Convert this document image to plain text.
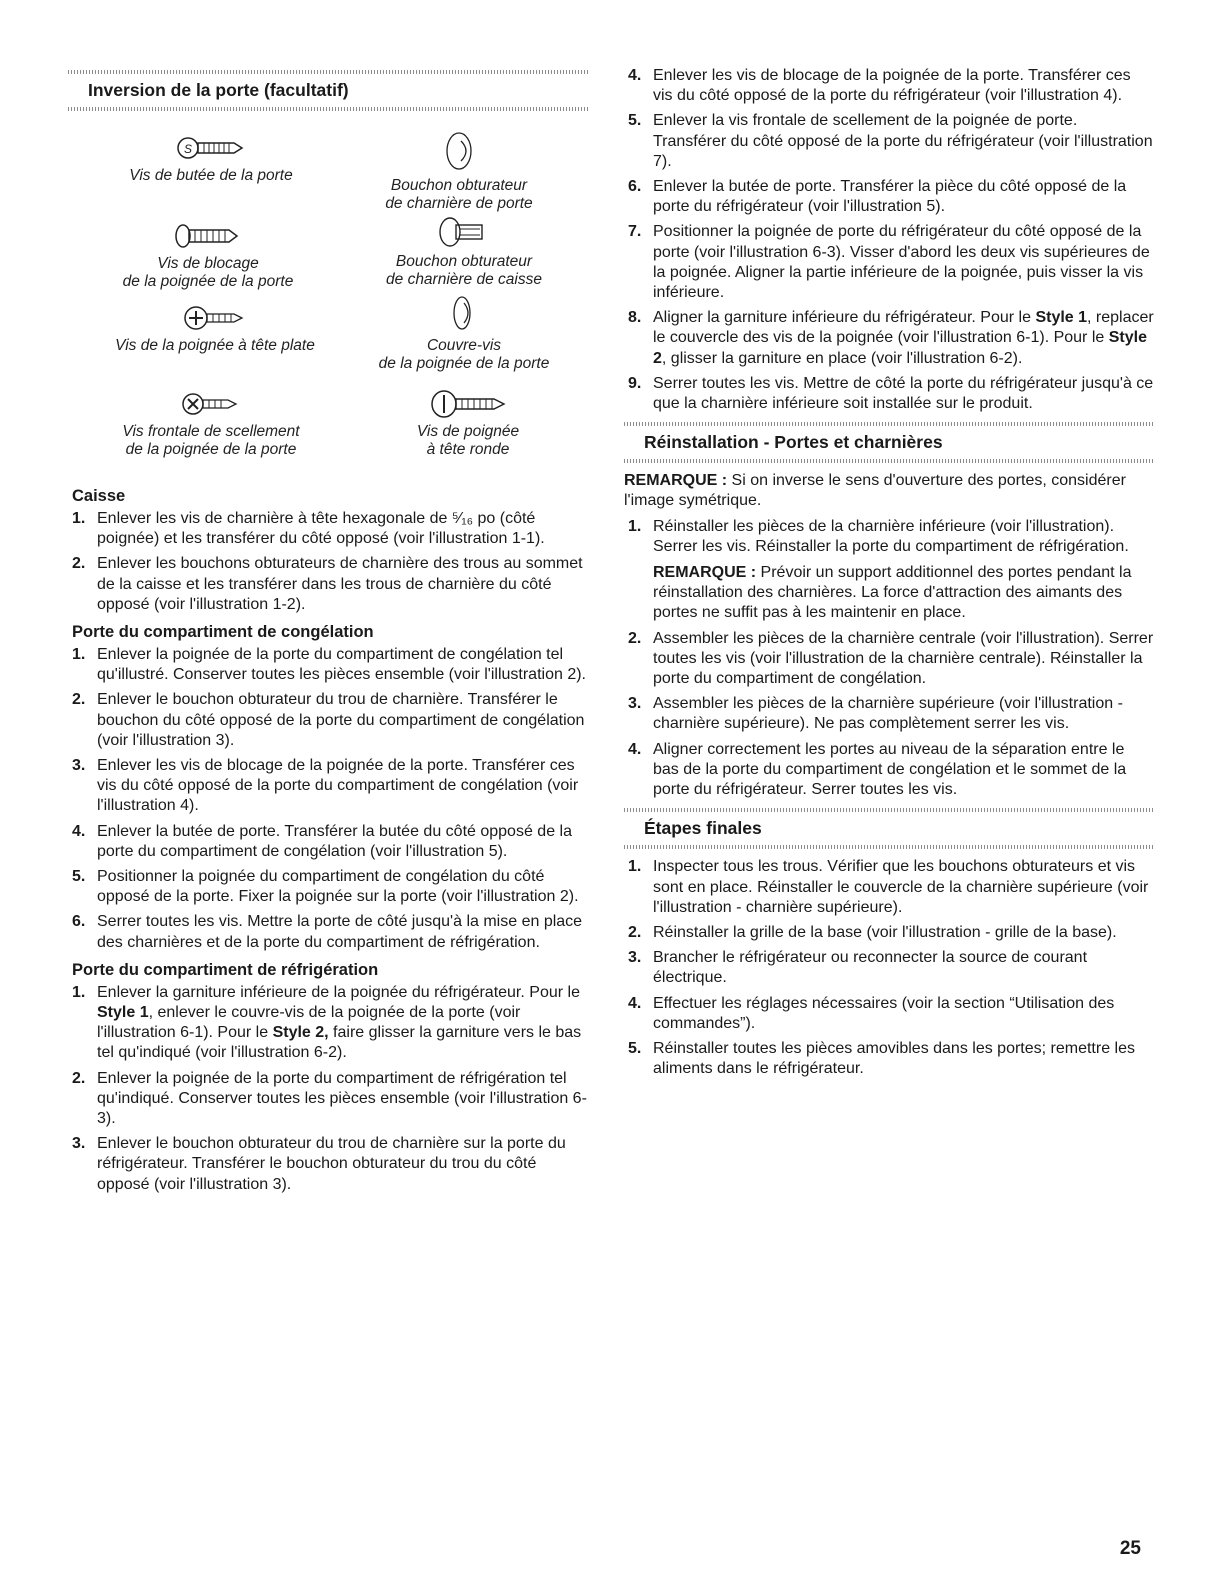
Inversion de la porte (facultatif)
S
Vis de butée de la porte
Bouchon obturateur
de charnière de porte
Vis de blocage
de la poignée de la porte
Bouchon obturateur
de charnière de caisse
Vis de la poignée à tête plate	Couvre-vis
de la poignée de la porte
Vis frontale de scellement
de la poignée de la porte
Vis de poignée
à tête ronde
Caisse
1. Enlever les vis de charnière à tête hexagonale de ⁵⁄₁₆ po (côté poignée) et les transférer du côté opposé (voir l'illustration 1-1).
2. Enlever les bouchons obturateurs de charnière des trous au sommet de la caisse et les transférer dans les trous de charnière du côté opposé (voir l'illustration 1-2).
Porte du compartiment de congélation
1. Enlever la poignée de la porte du compartiment de congélation tel qu'illustré. Conserver toutes les pièces ensemble (voir l'illustration 2).
2. Enlever le bouchon obturateur du trou de charnière. Transférer le bouchon du côté opposé de la porte du compartiment de congélation (voir l'illustration 3).
3. Enlever les vis de blocage de la poignée de la porte. Transférer ces vis du côté opposé de la porte du compartiment de congélation (voir l'illustration 4).
4. Enlever la butée de porte. Transférer la butée du côté opposé de la porte du compartiment de congélation (voir l'illustration 5).
5. Positionner la poignée du compartiment de congélation du côté opposé de la porte. Fixer la poignée sur la porte (voir l'illustration 2).
6. Serrer toutes les vis. Mettre la porte de côté jusqu'à la mise en place des charnières et de la porte du compartiment de réfrigération.
Porte du compartiment de réfrigération
1. Enlever la garniture inférieure de la poignée du réfrigérateur. Pour le Style 1, enlever le couvre-vis de la poignée de la porte (voir l'illustration 6-1). Pour le Style 2, faire glisser la garniture vers le bas tel qu'indiqué (voir l'illustration 6-2).
2. Enlever la poignée de la porte du compartiment de réfrigération tel qu'indiqué. Conserver toutes les pièces ensemble (voir l'illustration 6-3).
3. Enlever le bouchon obturateur du trou de charnière sur la porte du réfrigérateur. Transférer le bouchon obturateur du trou du côté opposé (voir l'illustration 3).
4. Enlever les vis de blocage de la poignée de la porte. Transférer ces vis du côté opposé de la porte du réfrigérateur (voir l'illustration 4).
5. Enlever la vis frontale de scellement de la poignée de porte. Transférer du côté opposé de la porte du réfrigérateur (voir l'illustration 7).
6. Enlever la butée de porte. Transférer la pièce du côté opposé de la porte du réfrigérateur (voir l'illustration 5).
7. Positionner la poignée de porte du réfrigérateur du côté opposé de la porte (voir l'illustration 6-3). Visser d'abord les deux vis supérieures de la poignée. Aligner la partie inférieure de la poignée, puis visser la vis inférieure.
8. Aligner la garniture inférieure du réfrigérateur. Pour le Style 1, replacer le couvercle des vis de la poignée (voir l'illustration 6-1). Pour le Style 2, glisser la garniture en place (voir l'illustration 6-2).
9. Serrer toutes les vis. Mettre de côté la porte du réfrigérateur jusqu'à ce que la charnière inférieure soit installée sur le produit.
Réinstallation - Portes et charnières
REMARQUE : Si on inverse le sens d'ouverture des portes, considérer l'image symétrique.
1. Réinstaller les pièces de la charnière inférieure (voir l'illustration). Serrer les vis. Réinstaller la porte du compartiment de réfrigération.
REMARQUE : Prévoir un support additionnel des portes pendant la réinstallation des charnières. La force d'attraction des aimants des portes ne suffit pas à les maintenir en place.
2. Assembler les pièces de la charnière centrale (voir l'illustration). Serrer toutes les vis (voir l'illustration de la charnière centrale). Réinstaller la porte du compartiment de congélation.
3. Assembler les pièces de la charnière supérieure (voir l'illustration - charnière supérieure). Ne pas complètement serrer les vis.
4. Aligner correctement les portes au niveau de la séparation entre le bas de la porte du compartiment de congélation et le sommet de la porte du réfrigérateur. Serrer toutes les vis.
Étapes finales
1. Inspecter tous les trous. Vérifier que les bouchons obturateurs et vis sont en place. Réinstaller le couvercle de la charnière supérieure (voir l'illustration - charnière supérieure).
2. Réinstaller la grille de la base (voir l'illustration - grille de la base).
3. Brancher le réfrigérateur ou reconnecter la source de courant électrique.
4. Effectuer les réglages nécessaires (voir la section “Utilisation des commandes”).
5. Réinstaller toutes les pièces amovibles dans les portes; remettre les aliments dans le réfrigérateur.
25
